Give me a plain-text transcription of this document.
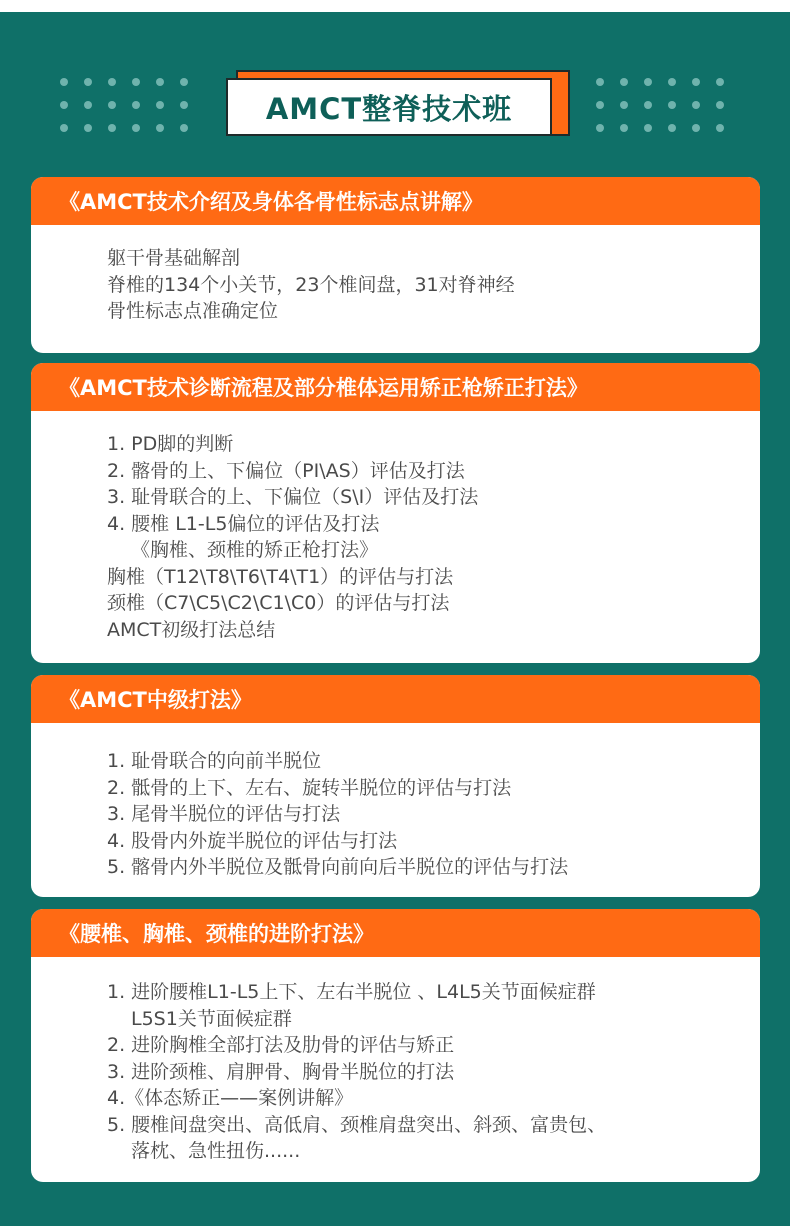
AMCT整脊技术班
《AMCT技术介绍及身体各骨性标志点讲解》
躯干骨基础解剖
脊椎的134个小关节，23个椎间盘，31对脊神经
骨性标志点准确定位
《AMCT技术诊断流程及部分椎体运用矫正枪矫正打法》
1. PD脚的判断
2. 髂骨的上、下偏位（PI\AS）评估及打法
3. 耻骨联合的上、下偏位（S\I）评估及打法
4. 腰椎 L1-L5偏位的评估及打法
《胸椎、颈椎的矫正枪打法》
胸椎（T12\T8\T6\T4\T1）的评估与打法
颈椎（C7\C5\C2\C1\C0）的评估与打法
AMCT初级打法总结
《AMCT中级打法》
1. 耻骨联合的向前半脱位
2. 骶骨的上下、左右、旋转半脱位的评估与打法
3. 尾骨半脱位的评估与打法
4. 股骨内外旋半脱位的评估与打法
5. 髂骨内外半脱位及骶骨向前向后半脱位的评估与打法
《腰椎、胸椎、颈椎的进阶打法》
1. 进阶腰椎L1-L5上下、左右半脱位 、L4L5关节面候症群
L5S1关节面候症群
2. 进阶胸椎全部打法及肋骨的评估与矫正
3. 进阶颈椎、肩胛骨、胸骨半脱位的打法
4.《体态矫正——案例讲解》
5. 腰椎间盘突出、高低肩、颈椎肩盘突出、斜颈、富贵包、
落枕、急性扭伤......
